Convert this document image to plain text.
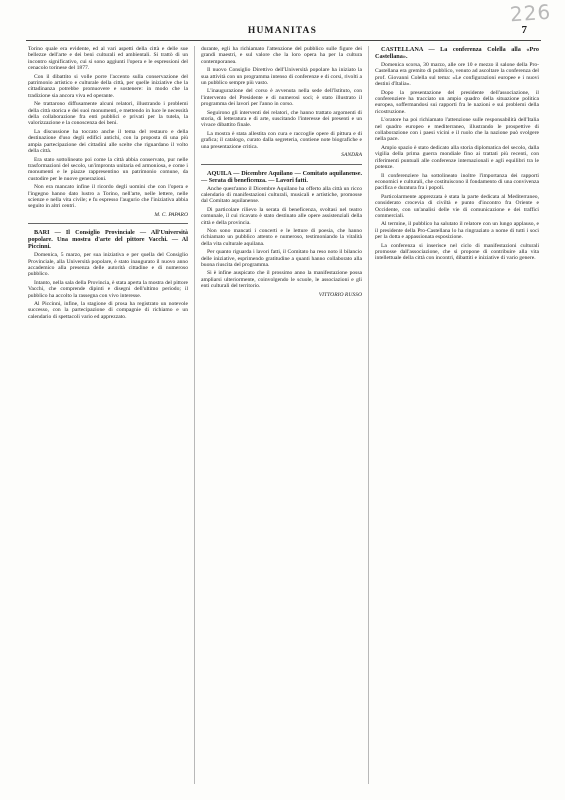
226
HUMANITAS	7

Torino quale era evidente, ed al vari aspetti della città e delle sue bellezze dell'arte e dei beni culturali ed ambientali. Si trattò di un incontro significativo, cui si sono aggiunti l'opera e le espressioni del cenacolo torinese del 1877.

Con il dibattito si volle porre l'accento sulla conservazione del patrimonio artistico e culturale della città, per quelle iniziative che la cittadinanza potrebbe promuovere e sostenere: in modo che la tradizione sia ancora viva ed operante.

Ne trattarono diffusamente alcuni relatori, illustrando i problemi della città storica e dei suoi monumenti, e mettendo in luce le necessità della collaborazione fra enti pubblici e privati per la tutela, la valorizzazione e la conoscenza dei beni.

La discussione ha toccato anche il tema del restauro e della destinazione d'uso degli edifici antichi, con la proposta di una più ampia partecipazione dei cittadini alle scelte che riguardano il volto della città.

Era stato sottolineato poi come la città abbia conservato, pur nelle trasformazioni del secolo, un'impronta unitaria ed armoniosa, e come i monumenti e le piazze rappresentino un patrimonio comune, da custodire per le nuove generazioni.

Non era mancato infine il ricordo degli uomini che con l'opera e l'ingegno hanno dato lustro a Torino, nell'arte, nelle lettere, nelle scienze e nella vita civile; e fu espresso l'augurio che l'iniziativa abbia seguito in altri centri.

M. C. PAPARO

BARI — Il Consiglio Provinciale — All'Università popolare. Una mostra d'arte del pittore Vacchi. — Al Piccinni.

Domenica, 5 marzo, per sua iniziativa e per quella del Consiglio Provinciale, alla Università popolare, è stato inaugurato il nuovo anno accademico alla presenza delle autorità cittadine e di numeroso pubblico.

Intanto, nella sala della Provincia, è stata aperta la mostra del pittore Vacchi, che comprende dipinti e disegni dell'ultimo periodo; il pubblico ha accolto la rassegna con vivo interesse.

Al Piccinni, infine, la stagione di prosa ha registrato un notevole successo, con la partecipazione di compagnie di richiamo e un calendario di spettacoli vario ed apprezzato.

durante, egli ha richiamato l'attenzione del pubblico sulle figure dei grandi maestri, e sul valore che la loro opera ha per la cultura contemporanea.

Il nuovo Consiglio Direttivo dell'Università popolare ha iniziato la sua attività con un programma intenso di conferenze e di corsi, rivolti a un pubblico sempre più vasto.

L'inaugurazione del corso è avvenuta nella sede dell'Istituto, con l'intervento del Presidente e di numerosi soci; è stato illustrato il programma dei lavori per l'anno in corso.

Seguirono gli interventi dei relatori, che hanno trattato argomenti di storia, di letteratura e di arte, suscitando l'interesse dei presenti e un vivace dibattito finale.

La mostra è stata allestita con cura e raccoglie opere di pittura e di grafica; il catalogo, curato dalla segreteria, contiene note biografiche e una presentazione critica.

SANDRA

AQUILA — Dicembre Aquilano — Comitato aquilanense. — Serata di beneficenza. — Lavori fatti.

Anche quest'anno il Dicembre Aquilano ha offerto alla città un ricco calendario di manifestazioni culturali, musicali e artistiche, promosse dal Comitato aquilanense.

Di particolare rilievo la serata di beneficenza, svoltasi nel teatro comunale, il cui ricavato è stato destinato alle opere assistenziali della città e della provincia.

Non sono mancati i concerti e le letture di poesia, che hanno richiamato un pubblico attento e numeroso, testimoniando la vitalità della vita culturale aquilana.

Per quanto riguarda i lavori fatti, il Comitato ha reso noto il bilancio delle iniziative, esprimendo gratitudine a quanti hanno collaborato alla buona riuscita del programma.

Si è infine auspicato che il prossimo anno la manifestazione possa ampliarsi ulteriormente, coinvolgendo le scuole, le associazioni e gli enti culturali del territorio.

VITTORIO RUSSO

CASTELLANA — La conferenza Colella alla «Pro Castellana».

Domenica scorsa, 30 marzo, alle ore 10 e mezzo il salone della Pro-Castellana era gremito di pubblico, venuto ad ascoltare la conferenza del prof. Giovanni Colella sul tema: «Le configurazioni europee e i nuovi destini d'Italia».

Dopo la presentazione del presidente dell'associazione, il conferenziere ha tracciato un ampio quadro della situazione politica europea, soffermandosi sui rapporti fra le nazioni e sui problemi della ricostruzione.

L'oratore ha poi richiamato l'attenzione sulle responsabilità dell'Italia nel quadro europeo e mediterraneo, illustrando le prospettive di collaborazione con i paesi vicini e il ruolo che la nazione può svolgere nella pace.

Ampio spazio è stato dedicato alla storia diplomatica del secolo, dalla vigilia della prima guerra mondiale fino ai trattati più recenti, con riferimenti puntuali alle conferenze internazionali e agli equilibri tra le potenze.

Il conferenziere ha sottolineato inoltre l'importanza dei rapporti economici e culturali, che costituiscono il fondamento di una convivenza pacifica e duratura fra i popoli.

Particolarmente apprezzata è stata la parte dedicata al Mediterraneo, considerato crocevia di civiltà e punto d'incontro fra Oriente e Occidente, con un'analisi delle vie di comunicazione e dei traffici commerciali.

Al termine, il pubblico ha salutato il relatore con un lungo applauso, e il presidente della Pro-Castellana lo ha ringraziato a nome di tutti i soci per la dotta e appassionata esposizione.

La conferenza si inserisce nel ciclo di manifestazioni culturali promosse dall'associazione, che si propone di contribuire alla vita intellettuale della città con incontri, dibattiti e iniziative di vario genere.
